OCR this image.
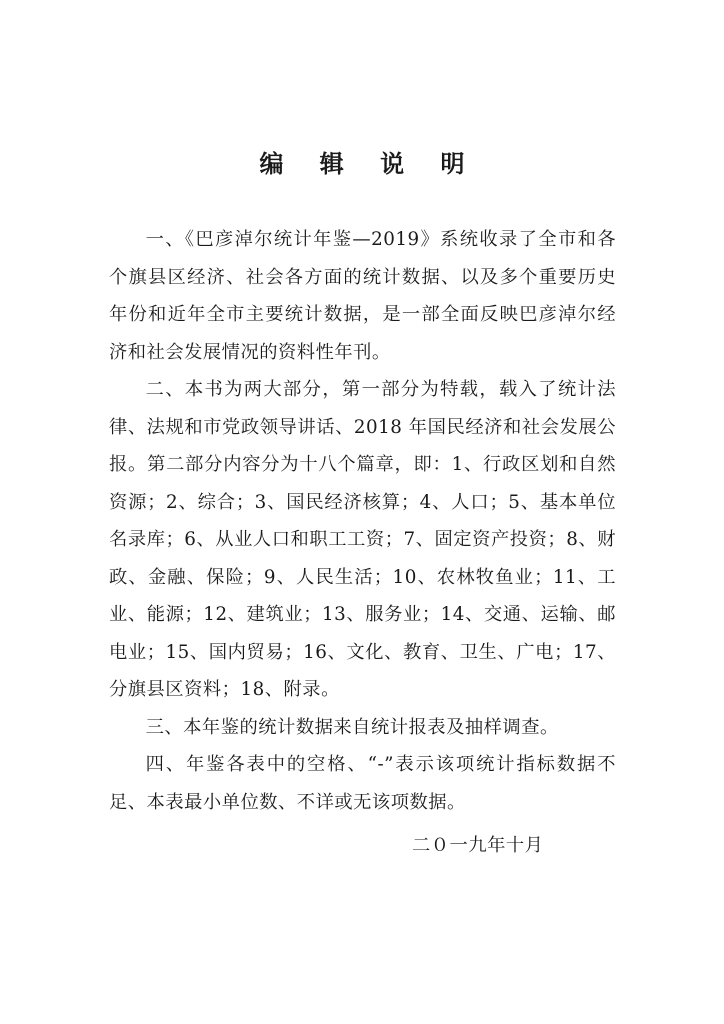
编 辑 说 明

一、《巴彦淖尔统计年鉴—2019》系统收录了全市和各个旗县区经济、社会各方面的统计数据、以及多个重要历史年份和近年全市主要统计数据，是一部全面反映巴彦淖尔经济和社会发展情况的资料性年刊。

二、本书为两大部分，第一部分为特载，载入了统计法律、法规和市党政领导讲话、2018 年国民经济和社会发展公报。第二部分内容分为十八个篇章，即：1、行政区划和自然资源；2、综合；3、国民经济核算；4、人口；5、基本单位名录库；6、从业人口和职工工资；7、固定资产投资；8、财政、金融、保险；9、人民生活；10、农林牧鱼业；11、工业、能源；12、建筑业；13、服务业；14、交通、运输、邮电业；15、国内贸易；16、文化、教育、卫生、广电；17、分旗县区资料；18、附录。

三、本年鉴的统计数据来自统计报表及抽样调查。

四、年鉴各表中的空格、“-”表示该项统计指标数据不足、本表最小单位数、不详或无该项数据。

二０一九年十月
